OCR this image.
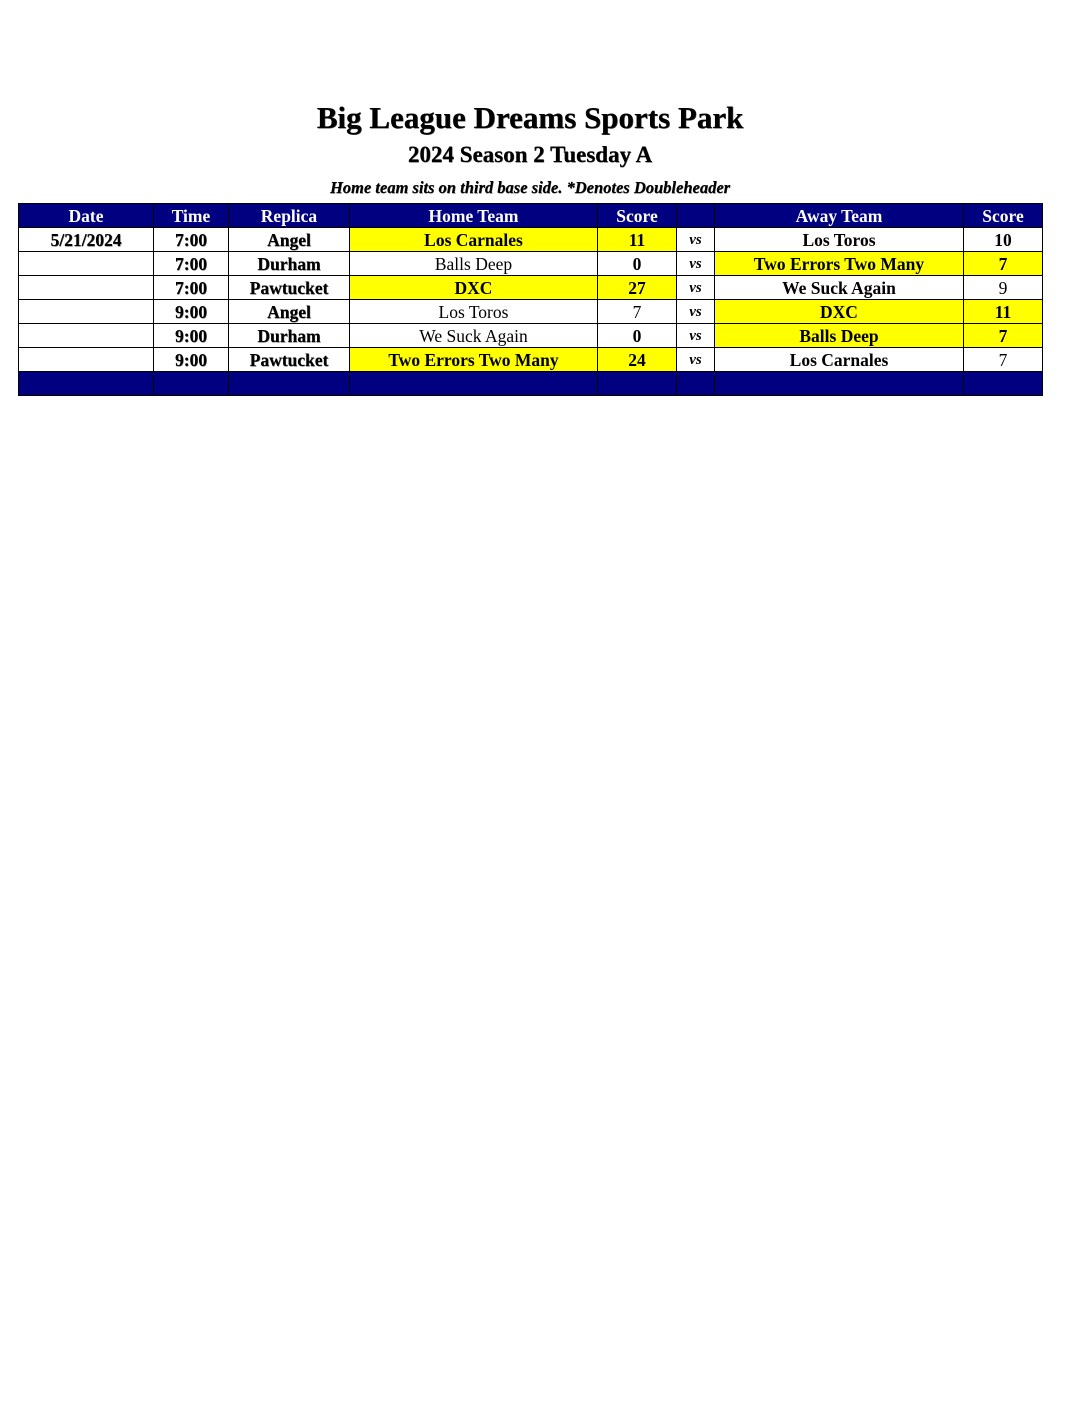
Big League Dreams Sports Park
2024 Season 2 Tuesday A
Home team sits on third base side. *Denotes Doubleheader
Date	Time	Replica	Home Team	Score		Away Team	Score
5/21/2024	7:00	Angel	Los Carnales	11	vs	Los Toros	10
	7:00	Durham	Balls Deep	0	vs	Two Errors Two Many	7
	7:00	Pawtucket	DXC	27	vs	We Suck Again	9
	9:00	Angel	Los Toros	7	vs	DXC	11
	9:00	Durham	We Suck Again	0	vs	Balls Deep	7
	9:00	Pawtucket	Two Errors Two Many	24	vs	Los Carnales	7
